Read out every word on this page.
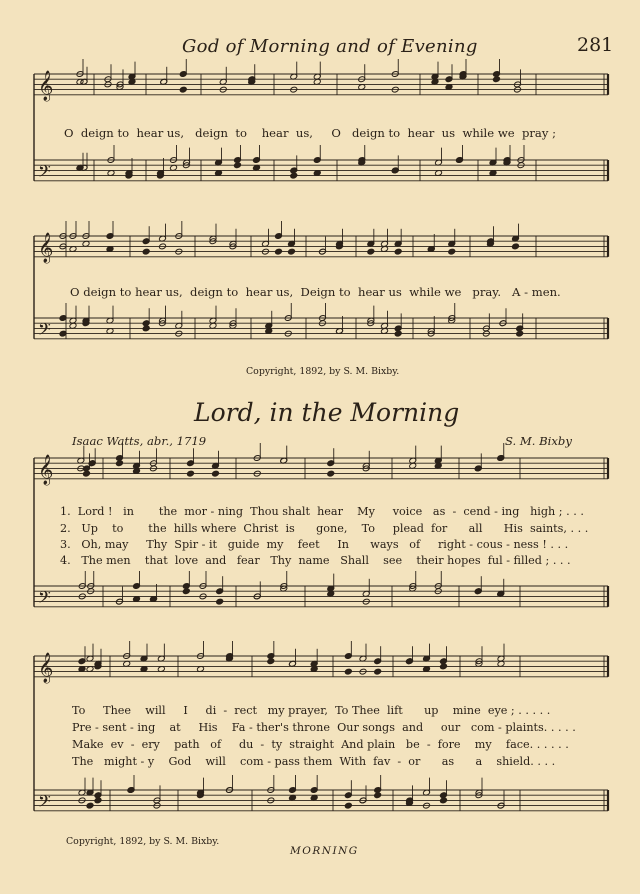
God of Morning and of Evening	281
𝄞
𝄢
𝄞
𝄢
𝄞
𝄢
𝄞
𝄢
O  deign to  hear us,   deign  to    hear  us,     O   deign to  hear  us  while we  pray ;
O deign to hear us,  deign to  hear us,  Deign to  hear us  while we   pray.   A - men.
Copyright, 1892, by S. M. Bixby.
Lord, in the Morning
Isaac Watts, abr., 1719	S. M. Bixby
1.  Lord !   in       the  mor - ning  Thou shalt  hear    My     voice   as  -  cend - ing   high ; . . .
2.   Up    to       the  hills where  Christ  is      gone,    To     plead  for      all      His  saints, . . .
3.   Oh, may     Thy  Spir - it   guide  my    feet     In      ways   of     right - cous - ness ! . . .
4.   The men    that  love  and   fear   Thy  name   Shall    see    their hopes  ful - filled ; . . .
To     Thee    will     I     di  -  rect   my prayer,  To Thee  lift      up    mine  eye ; . . . . .
Pre - sent - ing    at     His    Fa - ther's throne  Our songs  and     our   com - plaints. . . . .
Make  ev  -  ery    path   of     du  -  ty  straight  And plain   be  -  fore    my    face. . . . . .
The   might - y    God    will    com - pass them  With  fav  -  or      as      a    shield. . . .
Copyright, 1892, by S. M. Bixby.
MORNING
